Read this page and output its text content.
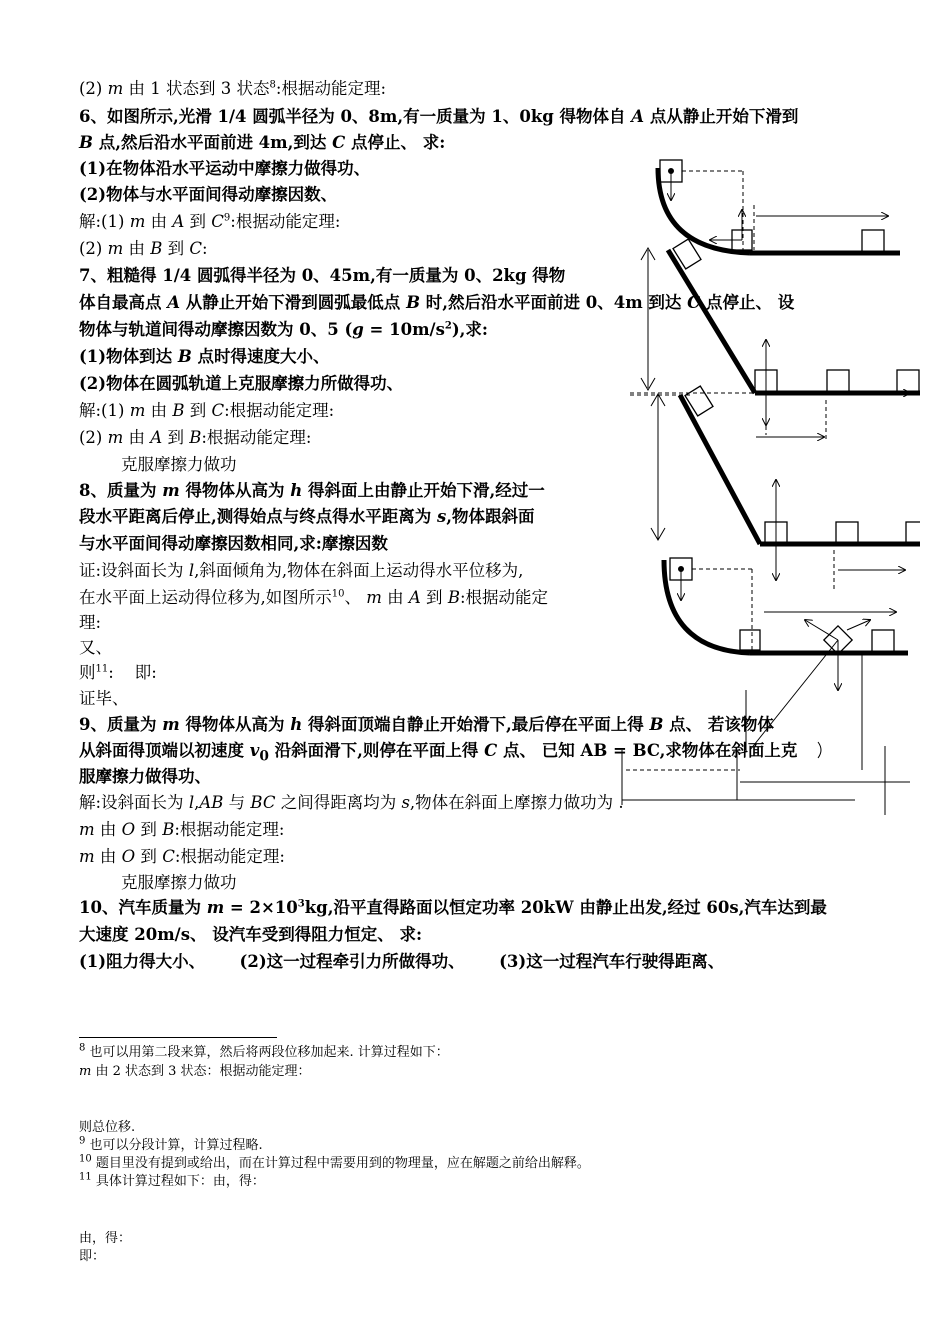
(2) m 由 1 状态到 3 状态$^8$:根据动能定理:
6、如图所示,光滑 1/4 圆弧半径为 0、8m,有一质量为 1、0kg 得物体自 A 点从静止开始下滑到
B 点,然后沿水平面前进 4m,到达 C 点停止、 求:
(1)在物体沿水平运动中摩擦力做得功、
(2)物体与水平面间得动摩擦因数、
解:(1) m 由 A 到 $C^9$:根据动能定理:
(2) m 由 B 到 C:
7、粗糙得 1/4 圆弧得半径为 0、45m,有一质量为 0、2kg 得物
体自最高点 A 从静止开始下滑到圆弧最低点 B 时,然后沿水平面前进 0、4m 到达 C 点停止、 设
物体与轨道间得动摩擦因数为 0、5 $(g = 10m/s^2)$,求:
(1)物体到达 B 点时得速度大小、
(2)物体在圆弧轨道上克服摩擦力所做得功、
解:(1) m 由 B 到 C:根据动能定理:
(2) m 由 A 到 B:根据动能定理:
克服摩擦力做功
8、质量为 m 得物体从高为 h 得斜面上由静止开始下滑,经过一
段水平距离后停止,测得始点与终点得水平距离为 s,物体跟斜面
与水平面间得动摩擦因数相同,求:摩擦因数
证:设斜面长为 l,斜面倾角为,物体在斜面上运动得水平位移为,
在水平面上运动得位移为,如图所示$^{10}$、 m 由 A 到 B:根据动能定
理:
又、
则$^{11}$:    即:
证毕、
9、质量为 m 得物体从高为 h 得斜面顶端自静止开始滑下,最后停在平面上得 B 点、 若该物体
从斜面得顶端以初速度 $v_0$ 沿斜面滑下,则停在平面上得 C 点、 已知 AB = BC,求物体在斜面上克
服摩擦力做得功、
解:设斜面长为 l,AB 与 BC 之间得距离均为 s,物体在斜面上摩擦力做功为 .
m 由 O 到 B:根据动能定理:
m 由 O 到 C:根据动能定理:
克服摩擦力做功
10、汽车质量为 $m = 2\times 10^3kg$,沿平直得路面以恒定功率 20kW 由静止出发,经过 60s,汽车达到最
大速度 20m/s、 设汽车受到得阻力恒定、 求:
(1)阻力得大小、      (2)这一过程牵引力所做得功、      (3)这一过程汽车行驶得距离、
$^8$ 也可以用第二段来算，然后将两段位移加起来. 计算过程如下：
m 由 2 状态到 3 状态：根据动能定理：
则总位移.
$^9$ 也可以分段计算，计算过程略.
$^{10}$ 题目里没有提到或给出，而在计算过程中需要用到的物理量，应在解题之前给出解释。
$^{11}$ 具体计算过程如下：由，得：
由，得：
即：
